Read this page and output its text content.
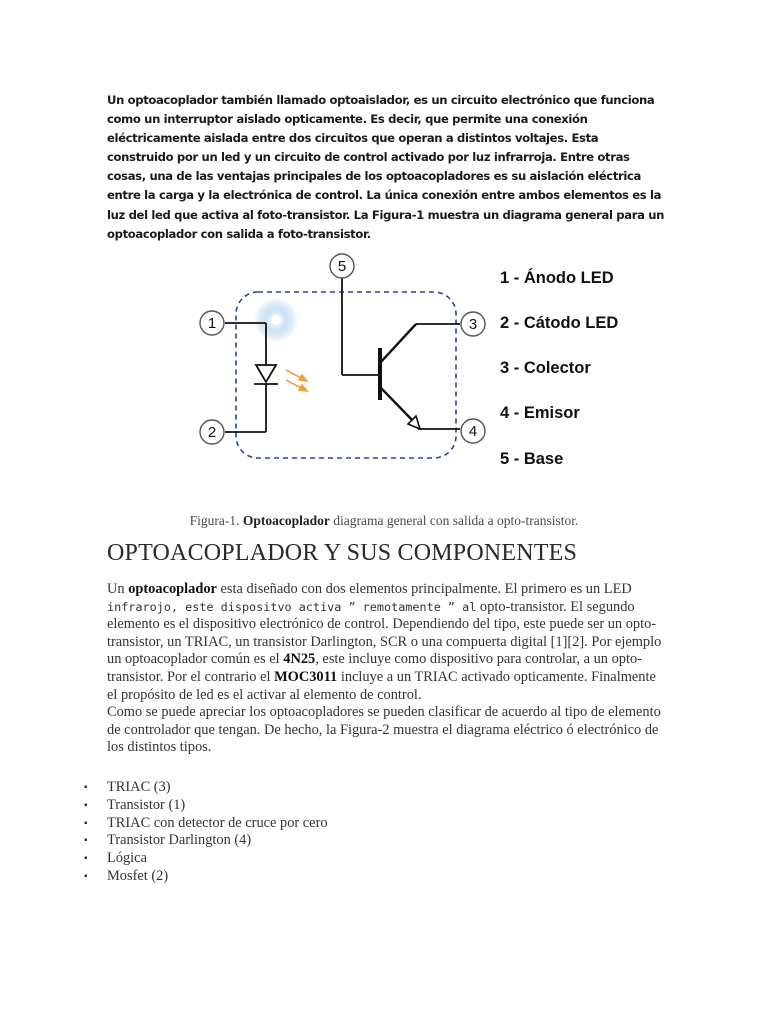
Un optoacoplador también llamado optoaislador, es un circuito electrónico que funciona como un interruptor aislado opticamente. Es decir, que permite una conexión eléctricamente aislada entre dos circuitos que operan a distintos voltajes. Esta construido por un led y un circuito de control activado por luz infrarroja. Entre otras cosas, una de las ventajas principales de los optoacopladores es su aislación eléctrica entre la carga y la electrónica de control. La única conexión entre ambos elementos es la luz del led que activa al foto-transistor. La Figura-1 muestra un diagrama general para un optoacoplador con salida a foto-transistor.

1
2
3
4
5
1 - Ánodo LED
2 - Cátodo LED
3 - Colector
4 - Emisor
5 - Base

Figura-1. Optoacoplador diagrama general con salida a opto-transistor.

OPTOACOPLADOR Y SUS COMPONENTES
Un optoacoplador esta diseñado con dos elementos principalmente. El primero es un LED infrarojo, este dispositvo activa ” remotamente ” al opto-transistor. El segundo elemento es el dispositivo electrónico de control. Dependiendo del tipo, este puede ser un opto-transistor, un TRIAC, un transistor Darlington, SCR o una compuerta digital [1][2]. Por ejemplo un optoacoplador común es el 4N25, este incluye como dispositivo para controlar, a un opto-transistor. Por el contrario el MOC3011 incluye a un TRIAC activado opticamente. Finalmente el propósito de led es el activar al elemento de control.
Como se puede apreciar los optoacopladores se pueden clasificar de acuerdo al tipo de elemento de controlador que tengan. De hecho, la Figura-2 muestra el diagrama eléctrico ó electrónico de los distintos tipos.
▪ TRIAC (3)
▪ Transistor (1)
▪ TRIAC con detector de cruce por cero
▪ Transistor Darlington (4)
▪ Lógica
▪ Mosfet (2)
